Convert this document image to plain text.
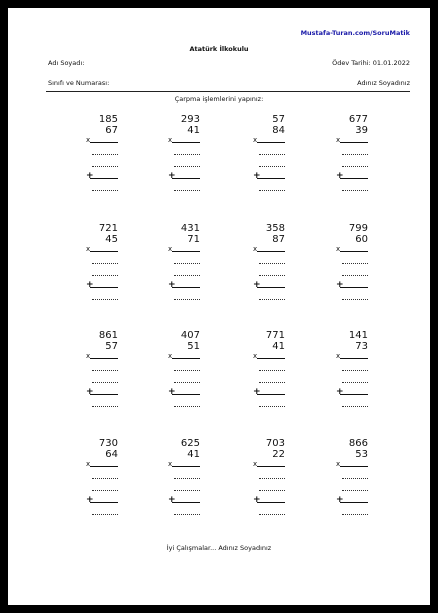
Mustafa-Turan.com/SoruMatik
Atatürk İlkokulu
Adı Soyadı:	Ödev Tarihi: 01.01.2022
Sınıfı ve Numarası:	Adınız Soyadınız
Çarpma işlemlerini yapınız:
185
67
x
+
293
41
x
+
57
84
x
+
677
39
x
+
721
45
x
+
431
71
x
+
358
87
x
+
799
60
x
+
861
57
x
+
407
51
x
+
771
41
x
+
141
73
x
+
730
64
x
+
625
41
x
+
703
22
x
+
866
53
x
+
İyi Çalışmalar... Adınız Soyadınız
